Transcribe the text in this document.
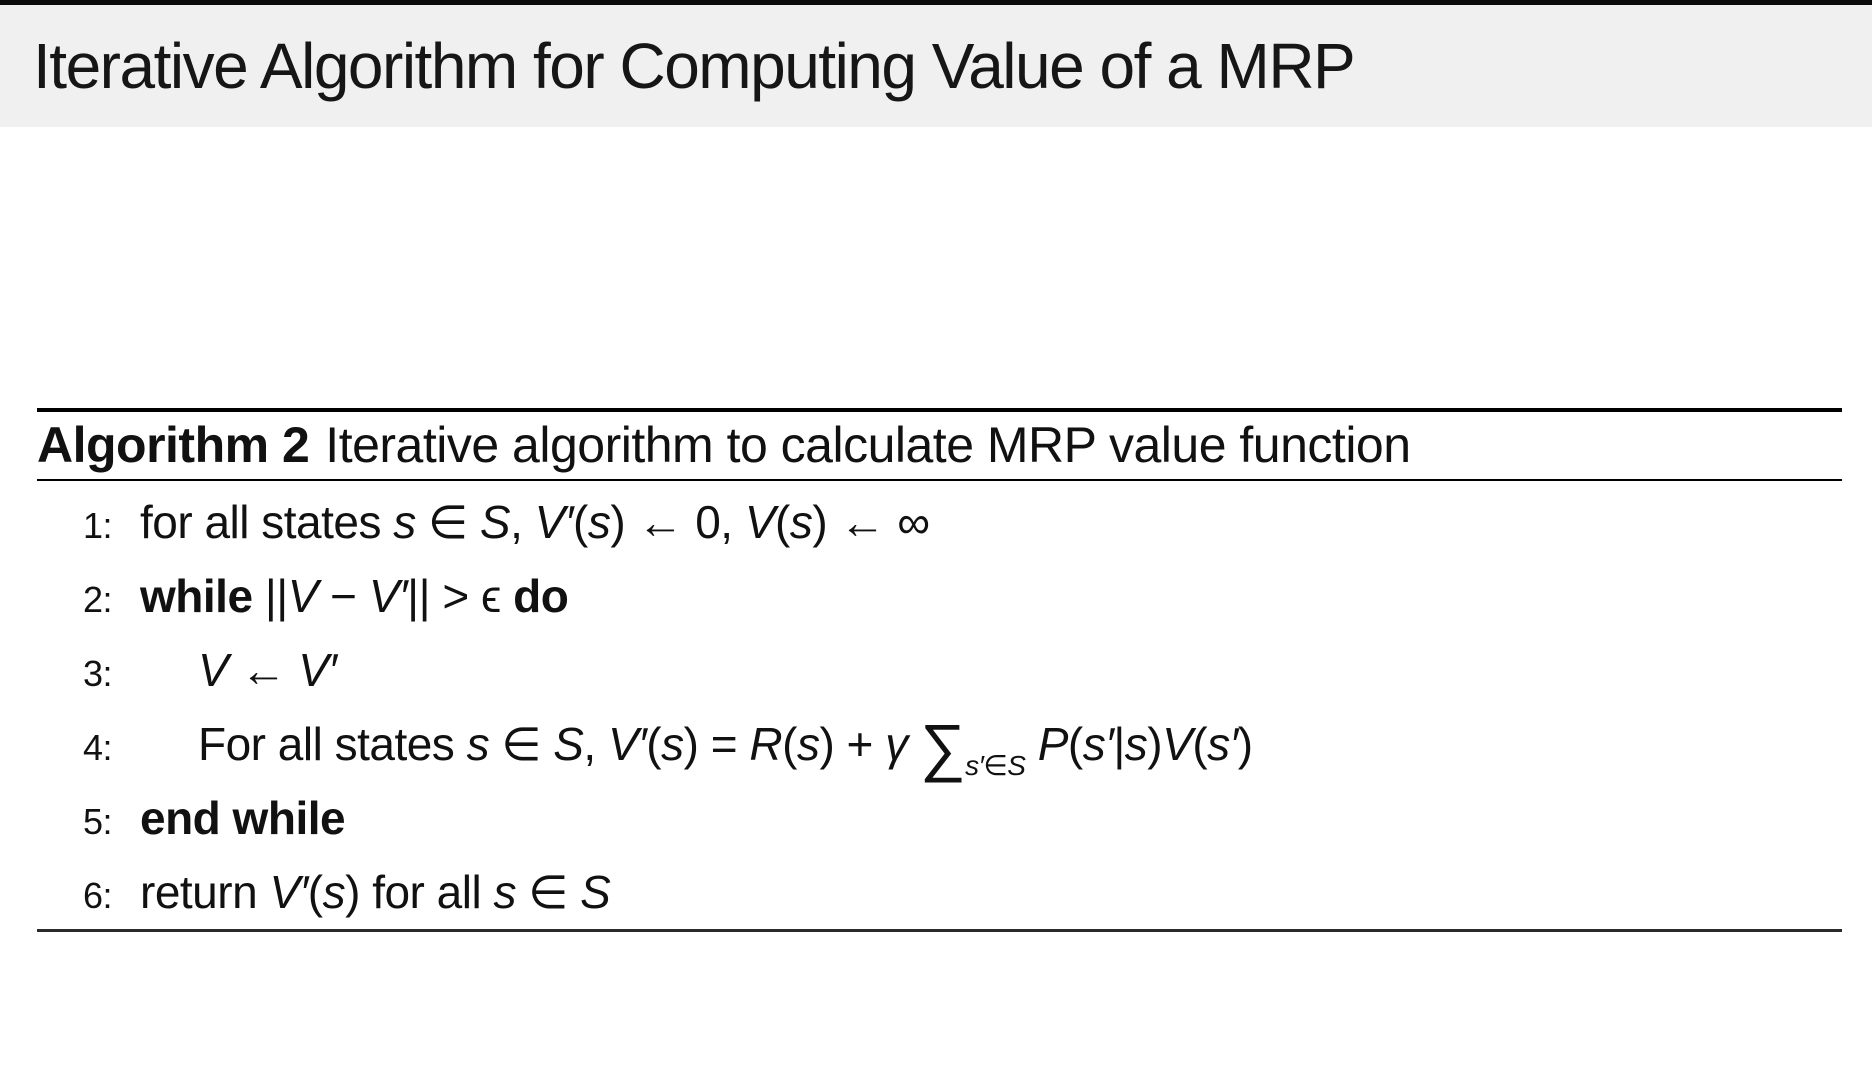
Iterative Algorithm for Computing Value of a MRP
Algorithm 2 Iterative algorithm to calculate MRP value function
1: for all states s ∈ S, V′(s) ← 0, V(s) ← ∞
2: while ||V − V′|| > ϵ do
3: V ← V′
4: For all states s ∈ S, V′(s) = R(s) + γ $\sum_{s'\in S}$ P(s′|s)V(s′)
5: end while
6: return V′(s) for all s ∈ S
